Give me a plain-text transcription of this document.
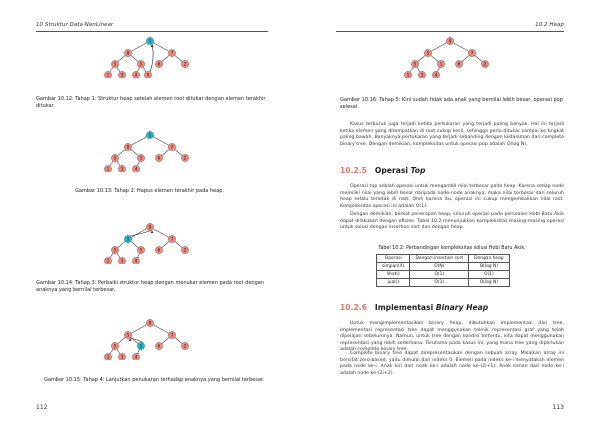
10 Struktur Data NonLinear
1
8	7
5	5	6	2
1	3	4 9
Gambar 10.12: Tahap 1: Struktur heap setelah elemen root ditukar dengan elemen terakhir ditukar.
1
8	7
5	5	6	2
1	3	4
Gambar 10.13: Tahap 2: Hapus elemen terakhir pada heap.
8
1	7
5	5	6	2
1	3	4
Gambar 10.14: Tahap 3: Perbaiki struktur heap dengan menukar elemen pada root dengan anaknya yang bernilai terbesar.
8
5	7
5	1	6	2
1	3	4
Gambar 10.15: Tahap 4: Lanjutkan penukaran terhadap anaknya yang bernilai terbesar.
112
10.2 Heap
8
5	7
5	1	6	2
1	3	4
Gambar 10.16: Tahap 5: Kini sudah tidak ada anak yang bernilai lebih besar, operasi pop selesai.
Kasus terburuk juga terjadi ketika pertukaran yang terjadi paling banyak. Hal ini terjadi ketika elemen yang ditempatkan di root cukup kecil, sehingga perlu ditukar sampai ke tingkat paling bawah. Banyaknya pertukaran yang terjadi sebanding dengan kedalaman dari complete binary tree. Dengan demikian, kompleksitas untuk operasi pop adalah O(log N).
10.2.5 Operasi Top
Operasi top adalah operasi untuk mengambil nilai terbesar pada heap. Karena setiap node memiliki nilai yang lebih besar daripada node-node anaknya, maka nilai terbesar dari seluruh heap selalu terletak di root. Oleh karena itu, operasi ini cukup mengembalikan nilai root. Kompleksitas operasi ini adalah O(1).
Dengan demikian, berkat penerapan heap, seluruh operasi pada persoalan Hobi Batu Akik dapat dilakukan dengan efisien. Tabel 10.2 menunjukkan kompleksitas masing-masing operasi untuk solusi dengan insertion sort dan dengan heap.
Tabel 10.2: Perbandingan kompleksitas solusi Hobi Batu Akik.
Operasi	Dengan insertion sort	Dengan heap
simpan(X)	O(N)	O(log N)
lihat()	O(1)	O(1)
jual()	O(1)	O(log N)
10.2.6 Implementasi Binary Heap
Untuk mengimplementasikan binary heap, dibutuhkan implementasi dari tree. Implementasi representasi tree dapat menggunakan teknik representasi graf yang telah dipelajari sebelumnya. Namun, untuk tree dengan kondisi tertentu, kita dapat menggunakan representasi yang lebih sederhana. Terutama pada kasus ini, yang mana tree yang diperlukan adalah complete binary tree.
Complete binary tree dapat direpresentasikan dengan sebuah array. Misalkan array ini bersifat zero-based, yaitu dimulai dari indeks 0. Elemen pada indeks ke-i menyatakan elemen pada node ke-i. Anak kiri dari node ke-i adalah node ke-(2i+1). Anak kanan dari node ke-i adalah node ke-(2i+2).
113
